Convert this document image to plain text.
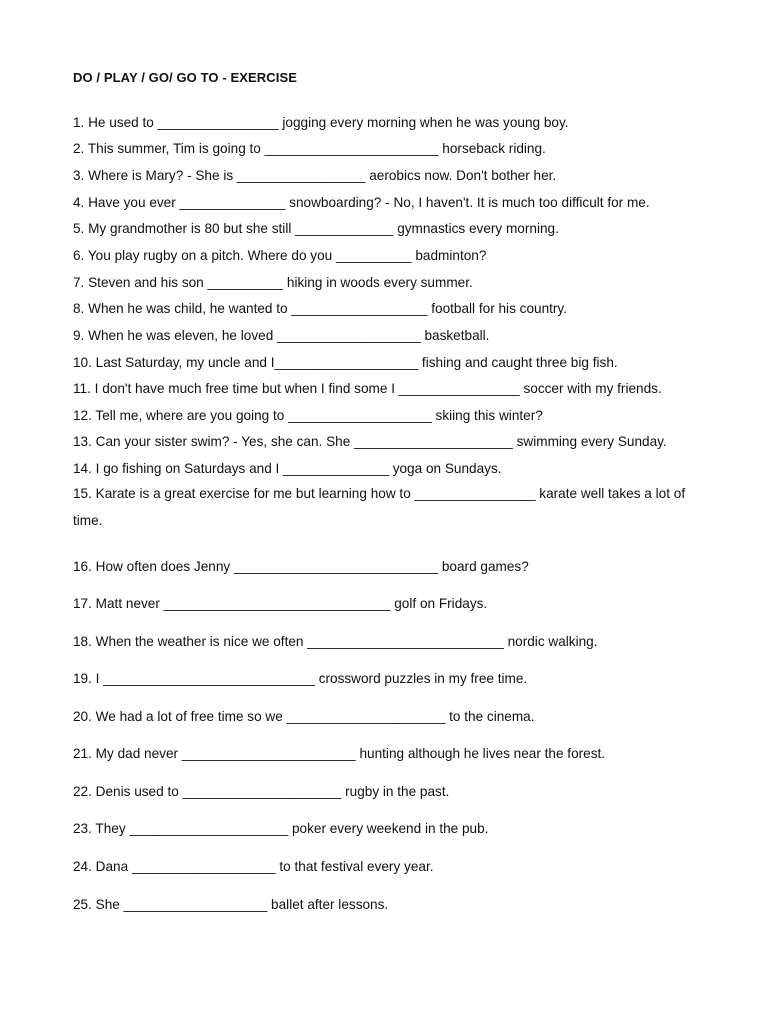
DO / PLAY / GO/ GO TO - EXERCISE
1. He used to ________________ jogging every morning when he was young boy.
2. This summer, Tim is going to _______________________ horseback riding.
3. Where is Mary? - She is _________________ aerobics now. Don't bother her.
4. Have you ever ______________ snowboarding? - No, I haven't. It is much too difficult for me.
5. My grandmother is 80 but she still _____________ gymnastics every morning.
6. You play rugby on a pitch. Where do you __________ badminton?
7. Steven and his son __________ hiking in woods every summer.
8. When he was child, he wanted to __________________ football for his country.
9. When he was eleven, he loved ___________________ basketball.
10. Last Saturday, my uncle and I___________________ fishing and caught three big fish.
11. I don't have much free time but when I find some I ________________ soccer with my friends.
12. Tell me, where are you going to ___________________ skiing this winter?
13. Can your sister swim? - Yes, she can. She _____________________ swimming every Sunday.
14. I go fishing on Saturdays and I ______________ yoga on Sundays.
15. Karate is a great exercise for me but learning how to ________________ karate well takes a lot of time.
16. How often does Jenny ___________________________ board games?
17. Matt never ______________________________ golf on Fridays.
18. When the weather is nice we often __________________________ nordic walking.
19. I ____________________________ crossword puzzles in my free time.
20. We had a lot of free time so we _____________________ to the cinema.
21. My dad never _______________________ hunting although he lives near the forest.
22. Denis used to _____________________ rugby in the past.
23. They _____________________ poker every weekend in the pub.
24. Dana ___________________ to that festival every year.
25. She ___________________ ballet after lessons.
